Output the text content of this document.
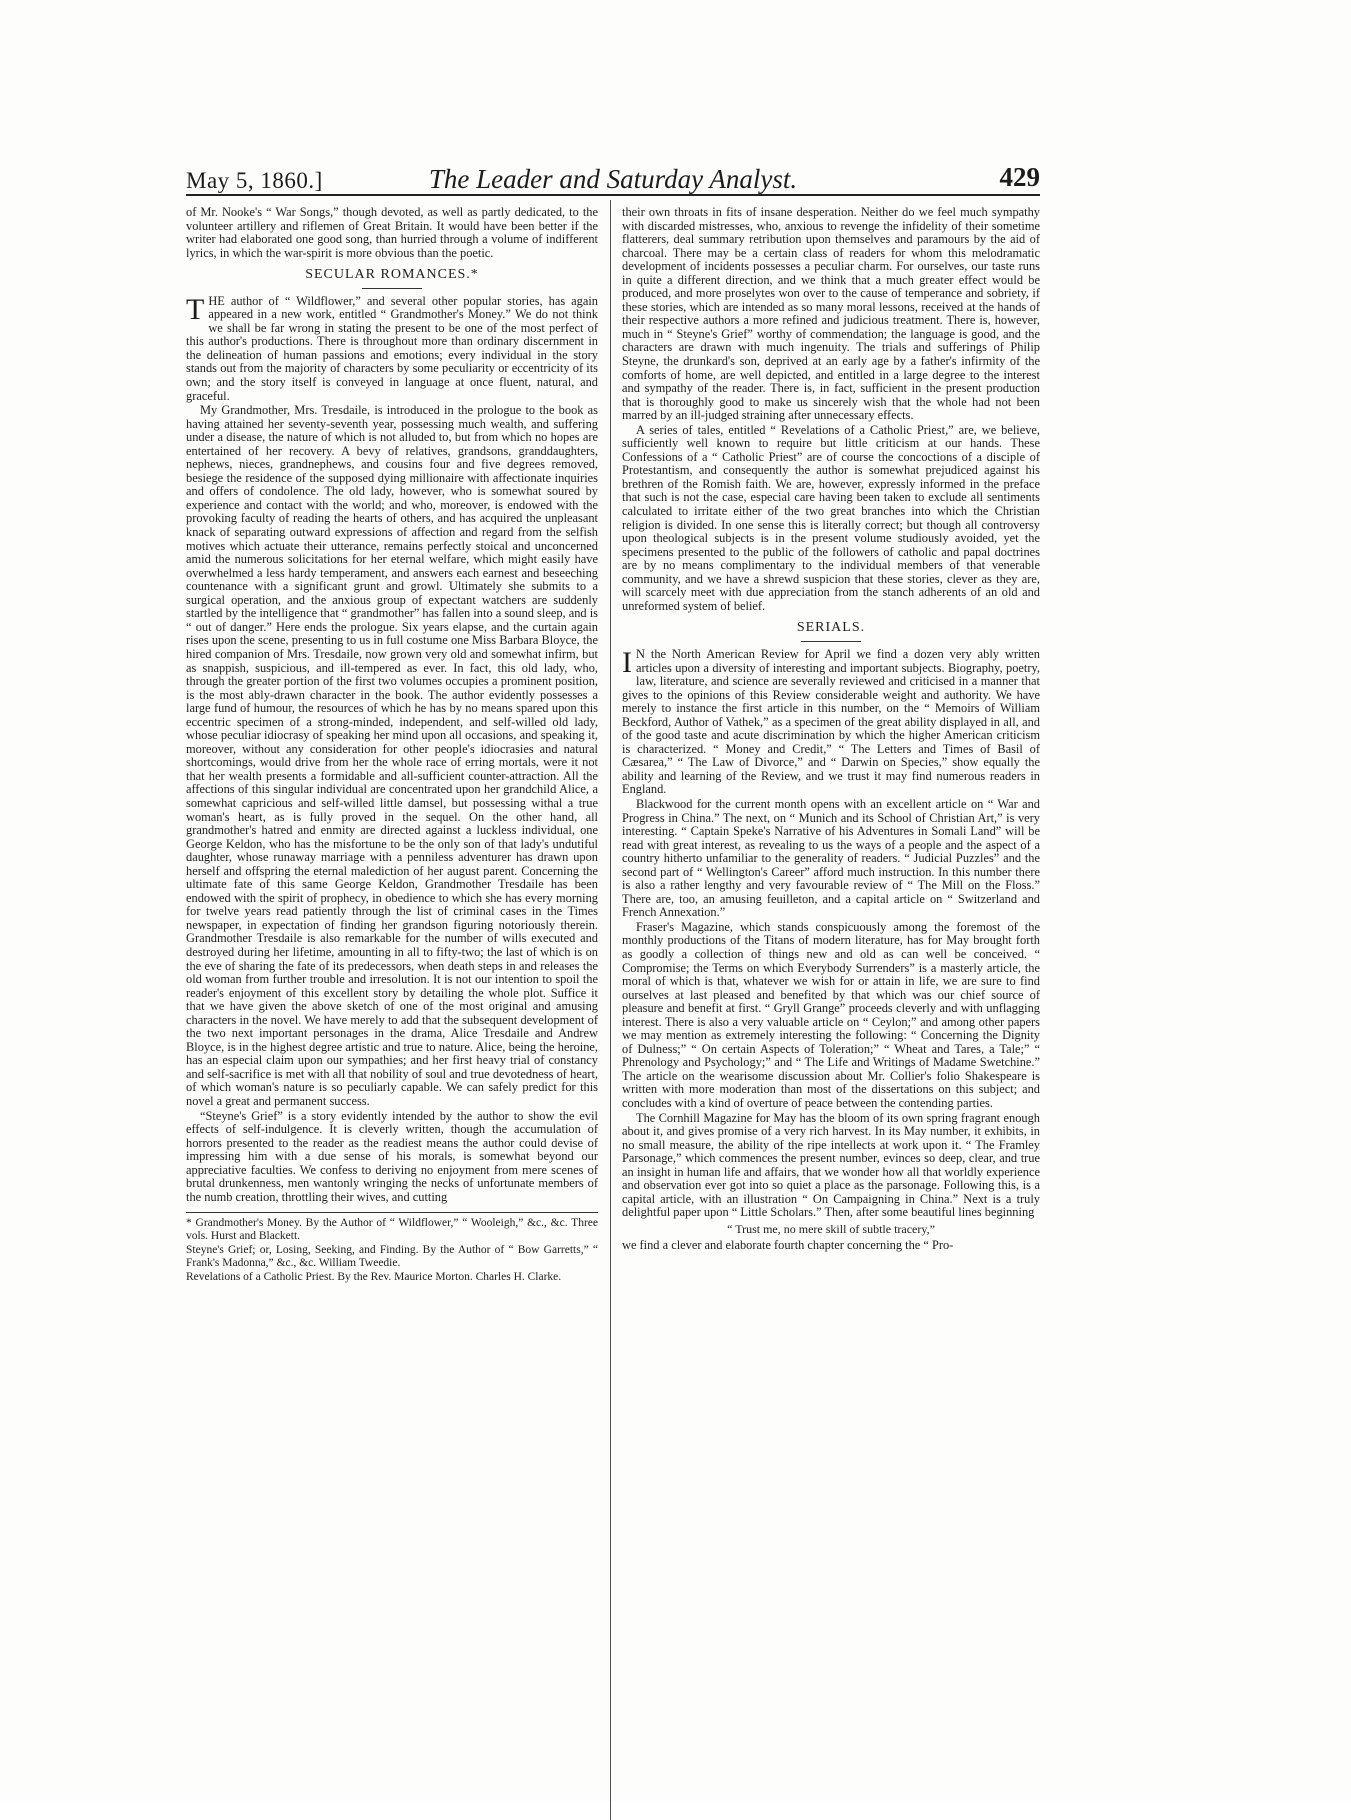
May 5, 1860.]	The Leader and Saturday Analyst.	429

of Mr. Nooke's “ War Songs,” though devoted, as well as partly dedicated, to the volunteer artillery and riflemen of Great Britain. It would have been better if the writer had elaborated one good song, than hurried through a volume of indifferent lyrics, in which the war-spirit is more obvious than the poetic.

SECULAR ROMANCES.*

THE author of “ Wildflower,” and several other popular stories, has again appeared in a new work, entitled “ Grandmother's Money.” We do not think we shall be far wrong in stating the present to be one of the most perfect of this author's productions. There is throughout more than ordinary discernment in the delineation of human passions and emotions; every individual in the story stands out from the majority of characters by some peculiarity or eccentricity of its own; and the story itself is conveyed in language at once fluent, natural, and graceful.

My Grandmother, Mrs. Tresdaile, is introduced in the prologue to the book as having attained her seventy-seventh year, possessing much wealth, and suffering under a disease, the nature of which is not alluded to, but from which no hopes are entertained of her recovery. A bevy of relatives, grandsons, granddaughters, nephews, nieces, grandnephews, and cousins four and five degrees removed, besiege the residence of the supposed dying millionaire with affectionate inquiries and offers of condolence. The old lady, however, who is somewhat soured by experience and contact with the world; and who, moreover, is endowed with the provoking faculty of reading the hearts of others, and has acquired the unpleasant knack of separating outward expressions of affection and regard from the selfish motives which actuate their utterance, remains perfectly stoical and unconcerned amid the numerous solicitations for her eternal welfare, which might easily have overwhelmed a less hardy temperament, and answers each earnest and beseeching countenance with a significant grunt and growl. Ultimately she submits to a surgical operation, and the anxious group of expectant watchers are suddenly startled by the intelligence that “ grandmother” has fallen into a sound sleep, and is “ out of danger.” Here ends the prologue. Six years elapse, and the curtain again rises upon the scene, presenting to us in full costume one Miss Barbara Bloyce, the hired companion of Mrs. Tresdaile, now grown very old and somewhat infirm, but as snappish, suspicious, and ill-tempered as ever. In fact, this old lady, who, through the greater portion of the first two volumes occupies a prominent position, is the most ably-drawn character in the book. The author evidently possesses a large fund of humour, the resources of which he has by no means spared upon this eccentric specimen of a strong-minded, independent, and self-willed old lady, whose peculiar idiocrasy of speaking her mind upon all occasions, and speaking it, moreover, without any consideration for other people's idiocrasies and natural shortcomings, would drive from her the whole race of erring mortals, were it not that her wealth presents a formidable and all-sufficient counter-attraction. All the affections of this singular individual are concentrated upon her grandchild Alice, a somewhat capricious and self-willed little damsel, but possessing withal a true woman's heart, as is fully proved in the sequel. On the other hand, all grandmother's hatred and enmity are directed against a luckless individual, one George Keldon, who has the misfortune to be the only son of that lady's undutiful daughter, whose runaway marriage with a penniless adventurer has drawn upon herself and offspring the eternal malediction of her august parent. Concerning the ultimate fate of this same George Keldon, Grandmother Tresdaile has been endowed with the spirit of prophecy, in obedience to which she has every morning for twelve years read patiently through the list of criminal cases in the Times newspaper, in expectation of finding her grandson figuring notoriously therein. Grandmother Tresdaile is also remarkable for the number of wills executed and destroyed during her lifetime, amounting in all to fifty-two; the last of which is on the eve of sharing the fate of its predecessors, when death steps in and releases the old woman from further trouble and irresolution. It is not our intention to spoil the reader's enjoyment of this excellent story by detailing the whole plot. Suffice it that we have given the above sketch of one of the most original and amusing characters in the novel. We have merely to add that the subsequent development of the two next important personages in the drama, Alice Tresdaile and Andrew Bloyce, is in the highest degree artistic and true to nature. Alice, being the heroine, has an especial claim upon our sympathies; and her first heavy trial of constancy and self-sacrifice is met with all that nobility of soul and true devotedness of heart, of which woman's nature is so peculiarly capable. We can safely predict for this novel a great and permanent success.

“Steyne's Grief” is a story evidently intended by the author to show the evil effects of self-indulgence. It is cleverly written, though the accumulation of horrors presented to the reader as the readiest means the author could devise of impressing him with a due sense of his morals, is somewhat beyond our appreciative faculties. We confess to deriving no enjoyment from mere scenes of brutal drunkenness, men wantonly wringing the necks of unfortunate members of the numb creation, throttling their wives, and cutting

* Grandmother's Money. By the Author of “ Wildflower,” “ Wooleigh,” &c., &c. Three vols. Hurst and Blackett.

Steyne's Grief; or, Losing, Seeking, and Finding. By the Author of “ Bow Garretts,” “ Frank's Madonna,” &c., &c. William Tweedie.

Revelations of a Catholic Priest. By the Rev. Maurice Morton. Charles H. Clarke.

their own throats in fits of insane desperation. Neither do we feel much sympathy with discarded mistresses, who, anxious to revenge the infidelity of their sometime flatterers, deal summary retribution upon themselves and paramours by the aid of charcoal. There may be a certain class of readers for whom this melodramatic development of incidents possesses a peculiar charm. For ourselves, our taste runs in quite a different direction, and we think that a much greater effect would be produced, and more proselytes won over to the cause of temperance and sobriety, if these stories, which are intended as so many moral lessons, received at the hands of their respective authors a more refined and judicious treatment. There is, however, much in “ Steyne's Grief” worthy of commendation; the language is good, and the characters are drawn with much ingenuity. The trials and sufferings of Philip Steyne, the drunkard's son, deprived at an early age by a father's infirmity of the comforts of home, are well depicted, and entitled in a large degree to the interest and sympathy of the reader. There is, in fact, sufficient in the present production that is thoroughly good to make us sincerely wish that the whole had not been marred by an ill-judged straining after unnecessary effects.

A series of tales, entitled “ Revelations of a Catholic Priest,” are, we believe, sufficiently well known to require but little criticism at our hands. These Confessions of a “ Catholic Priest” are of course the concoctions of a disciple of Protestantism, and consequently the author is somewhat prejudiced against his brethren of the Romish faith. We are, however, expressly informed in the preface that such is not the case, especial care having been taken to exclude all sentiments calculated to irritate either of the two great branches into which the Christian religion is divided. In one sense this is literally correct; but though all controversy upon theological subjects is in the present volume studiously avoided, yet the specimens presented to the public of the followers of catholic and papal doctrines are by no means complimentary to the individual members of that venerable community, and we have a shrewd suspicion that these stories, clever as they are, will scarcely meet with due appreciation from the stanch adherents of an old and unreformed system of belief.

SERIALS.

I N the North American Review for April we find a dozen very ably written articles upon a diversity of interesting and important subjects. Biography, poetry, law, literature, and science are severally reviewed and criticised in a manner that gives to the opinions of this Review considerable weight and authority. We have merely to instance the first article in this number, on the “ Memoirs of William Beckford, Author of Vathek,” as a specimen of the great ability displayed in all, and of the good taste and acute discrimination by which the higher American criticism is characterized. “ Money and Credit,” “ The Letters and Times of Basil of Cæsarea,” “ The Law of Divorce,” and “ Darwin on Species,” show equally the ability and learning of the Review, and we trust it may find numerous readers in England.

Blackwood for the current month opens with an excellent article on “ War and Progress in China.” The next, on “ Munich and its School of Christian Art,” is very interesting. “ Captain Speke's Narrative of his Adventures in Somali Land” will be read with great interest, as revealing to us the ways of a people and the aspect of a country hitherto unfamiliar to the generality of readers. “ Judicial Puzzles” and the second part of “ Wellington's Career” afford much instruction. In this number there is also a rather lengthy and very favourable review of “ The Mill on the Floss.” There are, too, an amusing feuilleton, and a capital article on “ Switzerland and French Annexation.”

Fraser's Magazine, which stands conspicuously among the foremost of the monthly productions of the Titans of modern literature, has for May brought forth as goodly a collection of things new and old as can well be conceived. “ Compromise; the Terms on which Everybody Surrenders” is a masterly article, the moral of which is that, whatever we wish for or attain in life, we are sure to find ourselves at last pleased and benefited by that which was our chief source of pleasure and benefit at first. “ Gryll Grange” proceeds cleverly and with unflagging interest. There is also a very valuable article on “ Ceylon;” and among other papers we may mention as extremely interesting the following: “ Concerning the Dignity of Dulness;” “ On certain Aspects of Toleration;” “ Wheat and Tares, a Tale;” “ Phrenology and Psychology;” and “ The Life and Writings of Madame Swetchine.” The article on the wearisome discussion about Mr. Collier's folio Shakespeare is written with more moderation than most of the dissertations on this subject; and concludes with a kind of overture of peace between the contending parties.

The Cornhill Magazine for May has the bloom of its own spring fragrant enough about it, and gives promise of a very rich harvest. In its May number, it exhibits, in no small measure, the ability of the ripe intellects at work upon it. “ The Framley Parsonage,” which commences the present number, evinces so deep, clear, and true an insight in human life and affairs, that we wonder how all that worldly experience and observation ever got into so quiet a place as the parsonage. Following this, is a capital article, with an illustration “ On Campaigning in China.” Next is a truly delightful paper upon “ Little Scholars.” Then, after some beautiful lines beginning

“ Trust me, no mere skill of subtle tracery,”

we find a clever and elaborate fourth chapter concerning the “ Pro-
